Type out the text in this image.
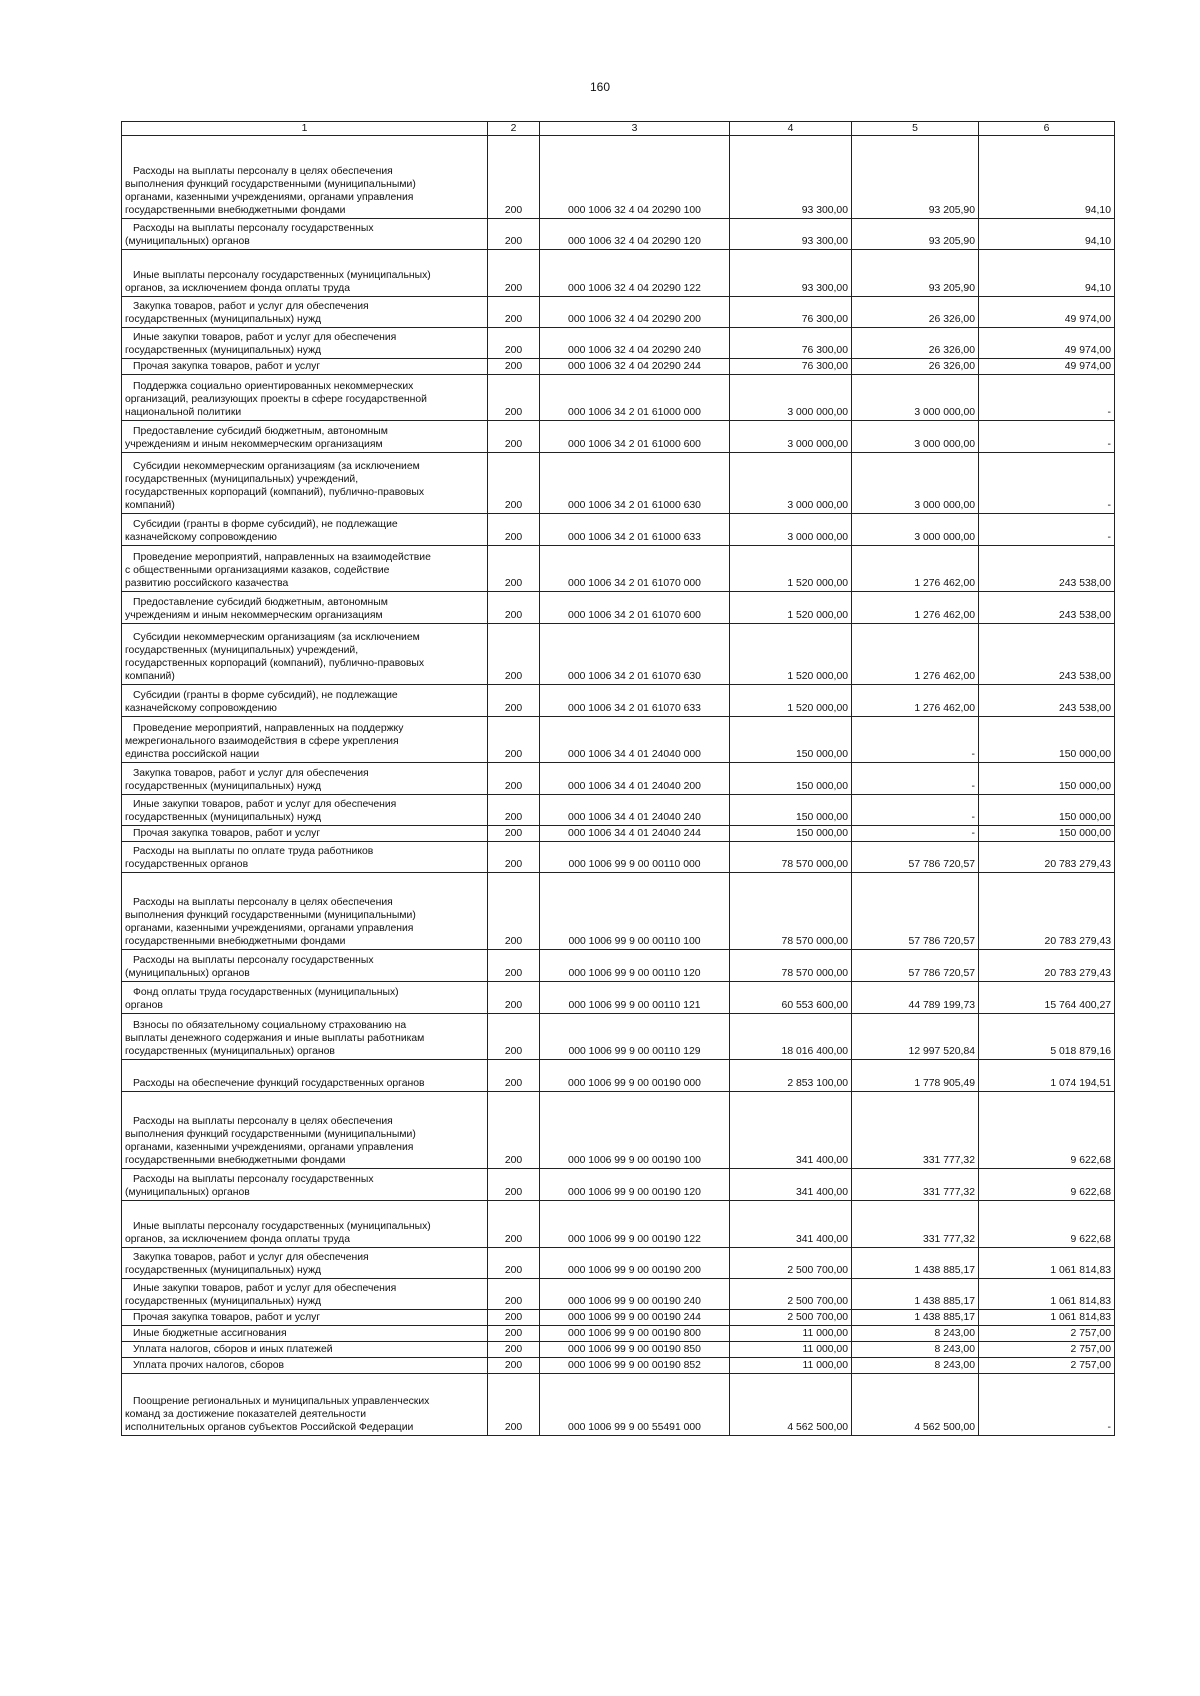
160
1	2	3	4	5	6

Расходы на выплаты персоналу в целях обеспечения
выполнения функций государственными (муниципальными)
органами, казенными учреждениями, органами управления
государственными внебюджетными фондами	200	000 1006 32 4 04 20290 100	93 300,00	93 205,90	94,10

Расходы на выплаты персоналу государственных
(муниципальных) органов	200	000 1006 32 4 04 20290 120	93 300,00	93 205,90	94,10

Иные выплаты персоналу государственных (муниципальных)
органов, за исключением фонда оплаты труда	200	000 1006 32 4 04 20290 122	93 300,00	93 205,90	94,10

Закупка товаров, работ и услуг для обеспечения
государственных (муниципальных) нужд	200	000 1006 32 4 04 20290 200	76 300,00	26 326,00	49 974,00

Иные закупки товаров, работ и услуг для обеспечения
государственных (муниципальных) нужд	200	000 1006 32 4 04 20290 240	76 300,00	26 326,00	49 974,00

Прочая закупка товаров, работ и услуг	200	000 1006 32 4 04 20290 244	76 300,00	26 326,00	49 974,00

Поддержка социально ориентированных некоммерческих
организаций, реализующих проекты в сфере государственной
национальной политики	200	000 1006 34 2 01 61000 000	3 000 000,00	3 000 000,00	-

Предоставление субсидий бюджетным, автономным
учреждениям и иным некоммерческим организациям	200	000 1006 34 2 01 61000 600	3 000 000,00	3 000 000,00	-

Субсидии некоммерческим организациям (за исключением
государственных (муниципальных) учреждений,
государственных корпораций (компаний), публично-правовых
компаний)	200	000 1006 34 2 01 61000 630	3 000 000,00	3 000 000,00	-

Субсидии (гранты в форме субсидий), не подлежащие
казначейскому сопровождению	200	000 1006 34 2 01 61000 633	3 000 000,00	3 000 000,00	-

Проведение мероприятий, направленных на взаимодействие
с общественными организациями казаков, содействие
развитию российского казачества	200	000 1006 34 2 01 61070 000	1 520 000,00	1 276 462,00	243 538,00

Предоставление субсидий бюджетным, автономным
учреждениям и иным некоммерческим организациям	200	000 1006 34 2 01 61070 600	1 520 000,00	1 276 462,00	243 538,00

Субсидии некоммерческим организациям (за исключением
государственных (муниципальных) учреждений,
государственных корпораций (компаний), публично-правовых
компаний)	200	000 1006 34 2 01 61070 630	1 520 000,00	1 276 462,00	243 538,00

Субсидии (гранты в форме субсидий), не подлежащие
казначейскому сопровождению	200	000 1006 34 2 01 61070 633	1 520 000,00	1 276 462,00	243 538,00

Проведение мероприятий, направленных на поддержку
межрегионального взаимодействия в сфере укрепления
единства российской нации	200	000 1006 34 4 01 24040 000	150 000,00	-	150 000,00

Закупка товаров, работ и услуг для обеспечения
государственных (муниципальных) нужд	200	000 1006 34 4 01 24040 200	150 000,00	-	150 000,00

Иные закупки товаров, работ и услуг для обеспечения
государственных (муниципальных) нужд	200	000 1006 34 4 01 24040 240	150 000,00	-	150 000,00

Прочая закупка товаров, работ и услуг	200	000 1006 34 4 01 24040 244	150 000,00	-	150 000,00

Расходы на выплаты по оплате труда работников
государственных органов	200	000 1006 99 9 00 00110 000	78 570 000,00	57 786 720,57	20 783 279,43

Расходы на выплаты персоналу в целях обеспечения
выполнения функций государственными (муниципальными)
органами, казенными учреждениями, органами управления
государственными внебюджетными фондами	200	000 1006 99 9 00 00110 100	78 570 000,00	57 786 720,57	20 783 279,43

Расходы на выплаты персоналу государственных
(муниципальных) органов	200	000 1006 99 9 00 00110 120	78 570 000,00	57 786 720,57	20 783 279,43

Фонд оплаты труда государственных (муниципальных)
органов	200	000 1006 99 9 00 00110 121	60 553 600,00	44 789 199,73	15 764 400,27

Взносы по обязательному социальному страхованию на
выплаты денежного содержания и иные выплаты работникам
государственных (муниципальных) органов	200	000 1006 99 9 00 00110 129	18 016 400,00	12 997 520,84	5 018 879,16

Расходы на обеспечение функций государственных органов	200	000 1006 99 9 00 00190 000	2 853 100,00	1 778 905,49	1 074 194,51

Расходы на выплаты персоналу в целях обеспечения
выполнения функций государственными (муниципальными)
органами, казенными учреждениями, органами управления
государственными внебюджетными фондами	200	000 1006 99 9 00 00190 100	341 400,00	331 777,32	9 622,68

Расходы на выплаты персоналу государственных
(муниципальных) органов	200	000 1006 99 9 00 00190 120	341 400,00	331 777,32	9 622,68

Иные выплаты персоналу государственных (муниципальных)
органов, за исключением фонда оплаты труда	200	000 1006 99 9 00 00190 122	341 400,00	331 777,32	9 622,68

Закупка товаров, работ и услуг для обеспечения
государственных (муниципальных) нужд	200	000 1006 99 9 00 00190 200	2 500 700,00	1 438 885,17	1 061 814,83

Иные закупки товаров, работ и услуг для обеспечения
государственных (муниципальных) нужд	200	000 1006 99 9 00 00190 240	2 500 700,00	1 438 885,17	1 061 814,83

Прочая закупка товаров, работ и услуг	200	000 1006 99 9 00 00190 244	2 500 700,00	1 438 885,17	1 061 814,83

Иные бюджетные ассигнования	200	000 1006 99 9 00 00190 800	11 000,00	8 243,00	2 757,00

Уплата налогов, сборов и иных платежей	200	000 1006 99 9 00 00190 850	11 000,00	8 243,00	2 757,00

Уплата прочих налогов, сборов	200	000 1006 99 9 00 00190 852	11 000,00	8 243,00	2 757,00

Поощрение региональных и муниципальных управленческих
команд за достижение показателей деятельности
исполнительных органов субъектов Российской Федерации	200	000 1006 99 9 00 55491 000	4 562 500,00	4 562 500,00	-
